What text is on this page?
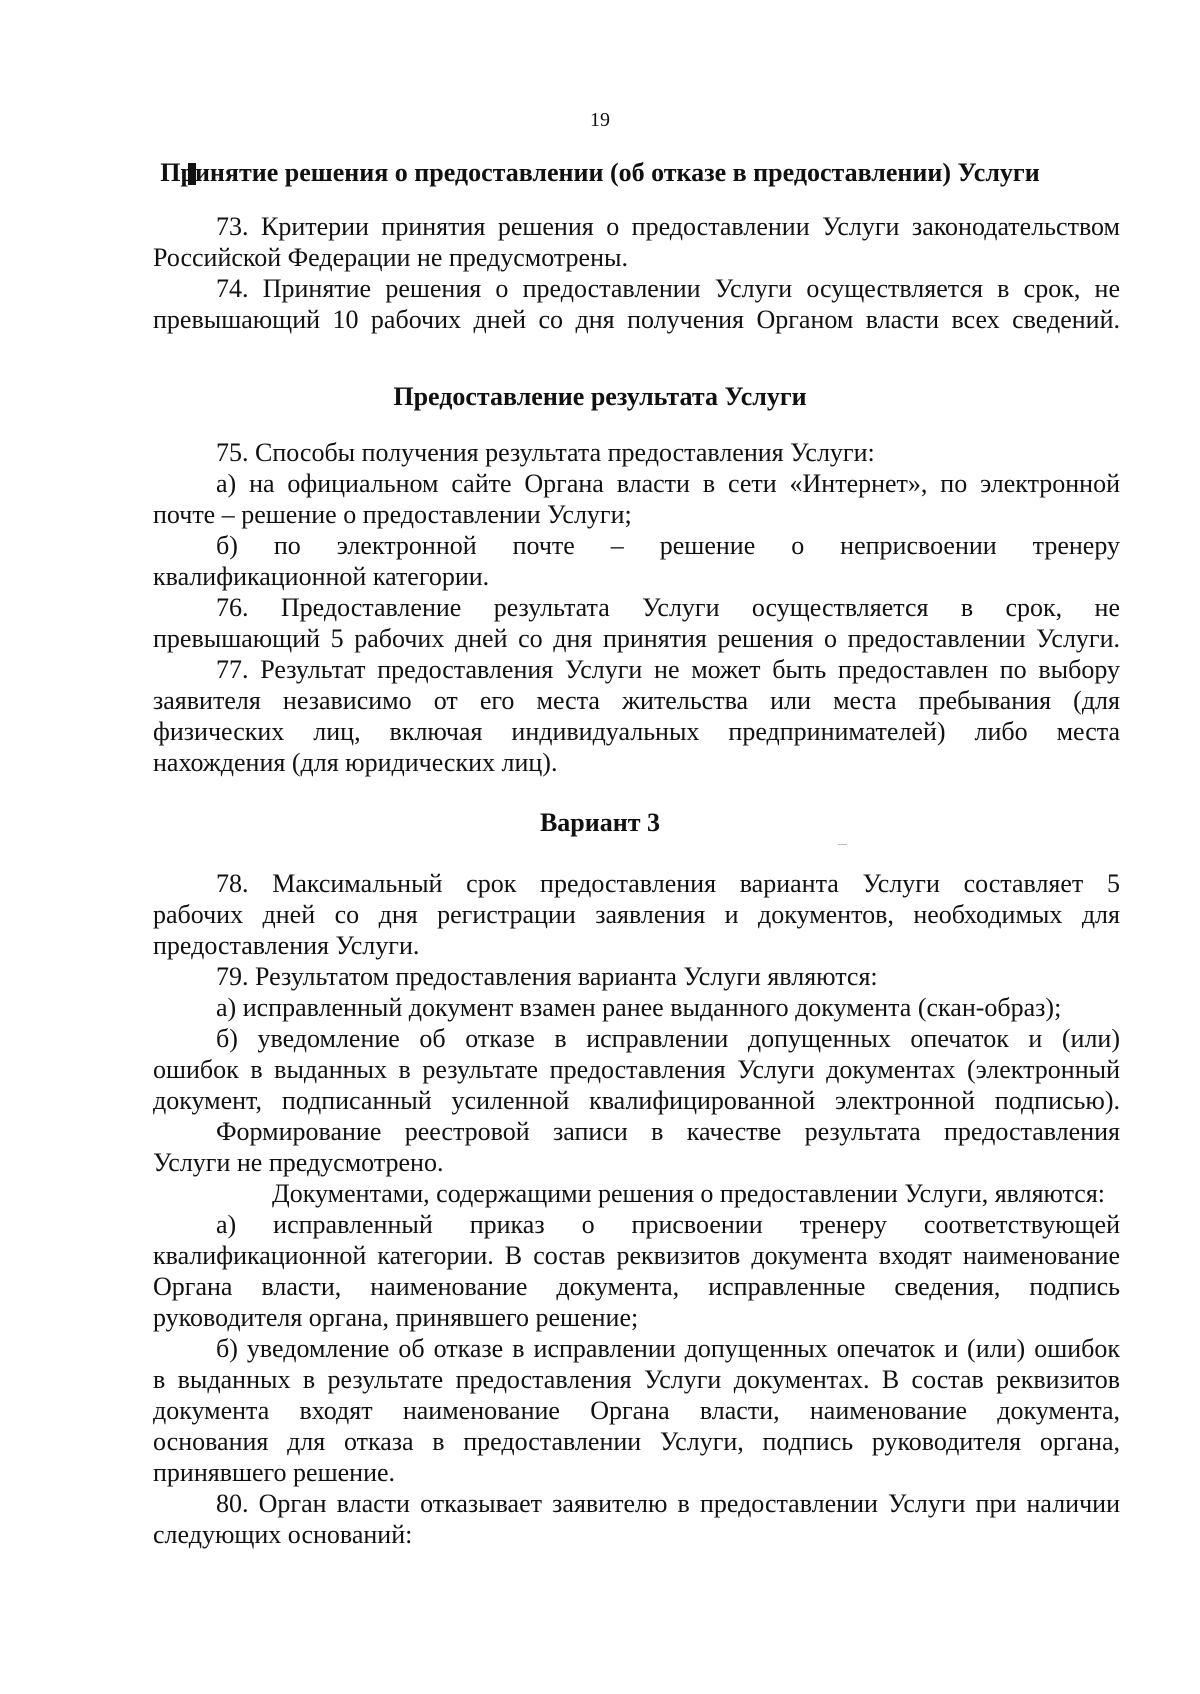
19
Принятие решения о предоставлении (об отказе в предоставлении) Услуги
73. Критерии принятия решения о предоставлении Услуги законодательством
Российской Федерации не предусмотрены.
74. Принятие решения о предоставлении Услуги осуществляется в срок, не
превышающий 10 рабочих дней со дня получения Органом власти всех сведений.
Предоставление результата Услуги
75. Способы получения результата предоставления Услуги:
а) на официальном сайте Органа власти в сети «Интернет», по электронной
почте – решение о предоставлении Услуги;
б) по электронной почте – решение о неприсвоении тренеру
квалификационной категории.
76. Предоставление результата Услуги осуществляется в срок, не
превышающий 5 рабочих дней со дня принятия решения о предоставлении Услуги.
77. Результат предоставления Услуги не может быть предоставлен по выбору
заявителя независимо от его места жительства или места пребывания (для
физических лиц, включая индивидуальных предпринимателей) либо места
нахождения (для юридических лиц).
Вариант 3
78. Максимальный срок предоставления варианта Услуги составляет 5
рабочих дней со дня регистрации заявления и документов, необходимых для
предоставления Услуги.
79. Результатом предоставления варианта Услуги являются:
а) исправленный документ взамен ранее выданного документа (скан-образ);
б) уведомление об отказе в исправлении допущенных опечаток и (или)
ошибок в выданных в результате предоставления Услуги документах (электронный
документ, подписанный усиленной квалифицированной электронной подписью).
Формирование реестровой записи в качестве результата предоставления
Услуги не предусмотрено.
Документами, содержащими решения о предоставлении Услуги, являются:
а) исправленный приказ о присвоении тренеру соответствующей
квалификационной категории. В состав реквизитов документа входят наименование
Органа власти, наименование документа, исправленные сведения, подпись
руководителя органа, принявшего решение;
б) уведомление об отказе в исправлении допущенных опечаток и (или) ошибок
в выданных в результате предоставления Услуги документах. В состав реквизитов
документа входят наименование Органа власти, наименование документа,
основания для отказа в предоставлении Услуги, подпись руководителя органа,
принявшего решение.
80. Орган власти отказывает заявителю в предоставлении Услуги при наличии
следующих оснований:
